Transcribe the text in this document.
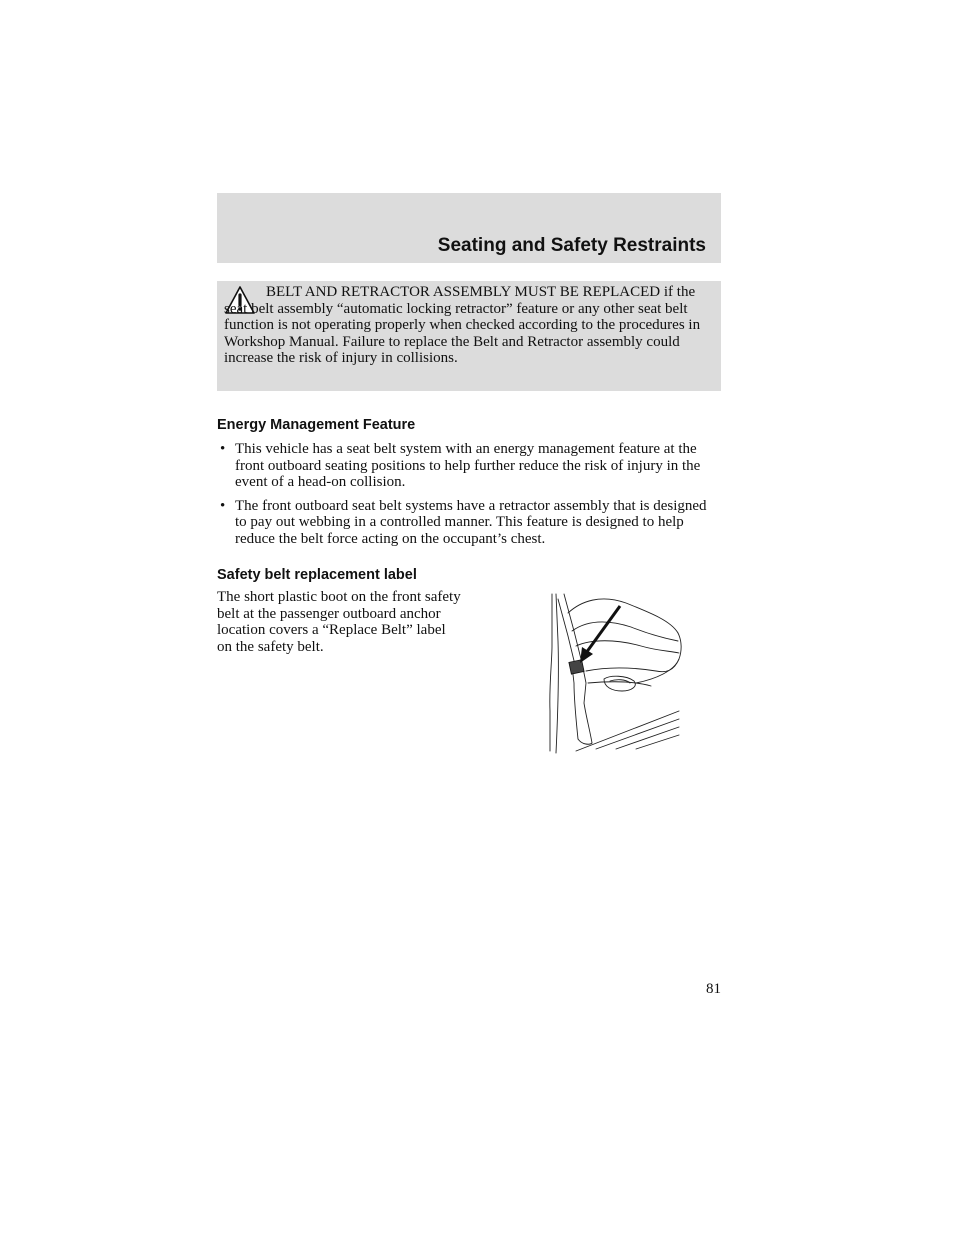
Seating and Safety Restraints

BELT AND RETRACTOR ASSEMBLY MUST BE REPLACED if the seat belt assembly “automatic locking retractor” feature or any other seat belt function is not operating properly when checked according to the procedures in Workshop Manual. Failure to replace the Belt and Retractor assembly could increase the risk of injury in collisions.

Energy Management Feature
• This vehicle has a seat belt system with an energy management feature at the front outboard seating positions to help further reduce the risk of injury in the event of a head-on collision.
• The front outboard seat belt systems have a retractor assembly that is designed to pay out webbing in a controlled manner. This feature is designed to help reduce the belt force acting on the occupant’s chest.
Safety belt replacement label

The short plastic boot on the front safety belt at the passenger outboard anchor location covers a “Replace Belt” label on the safety belt.

81
